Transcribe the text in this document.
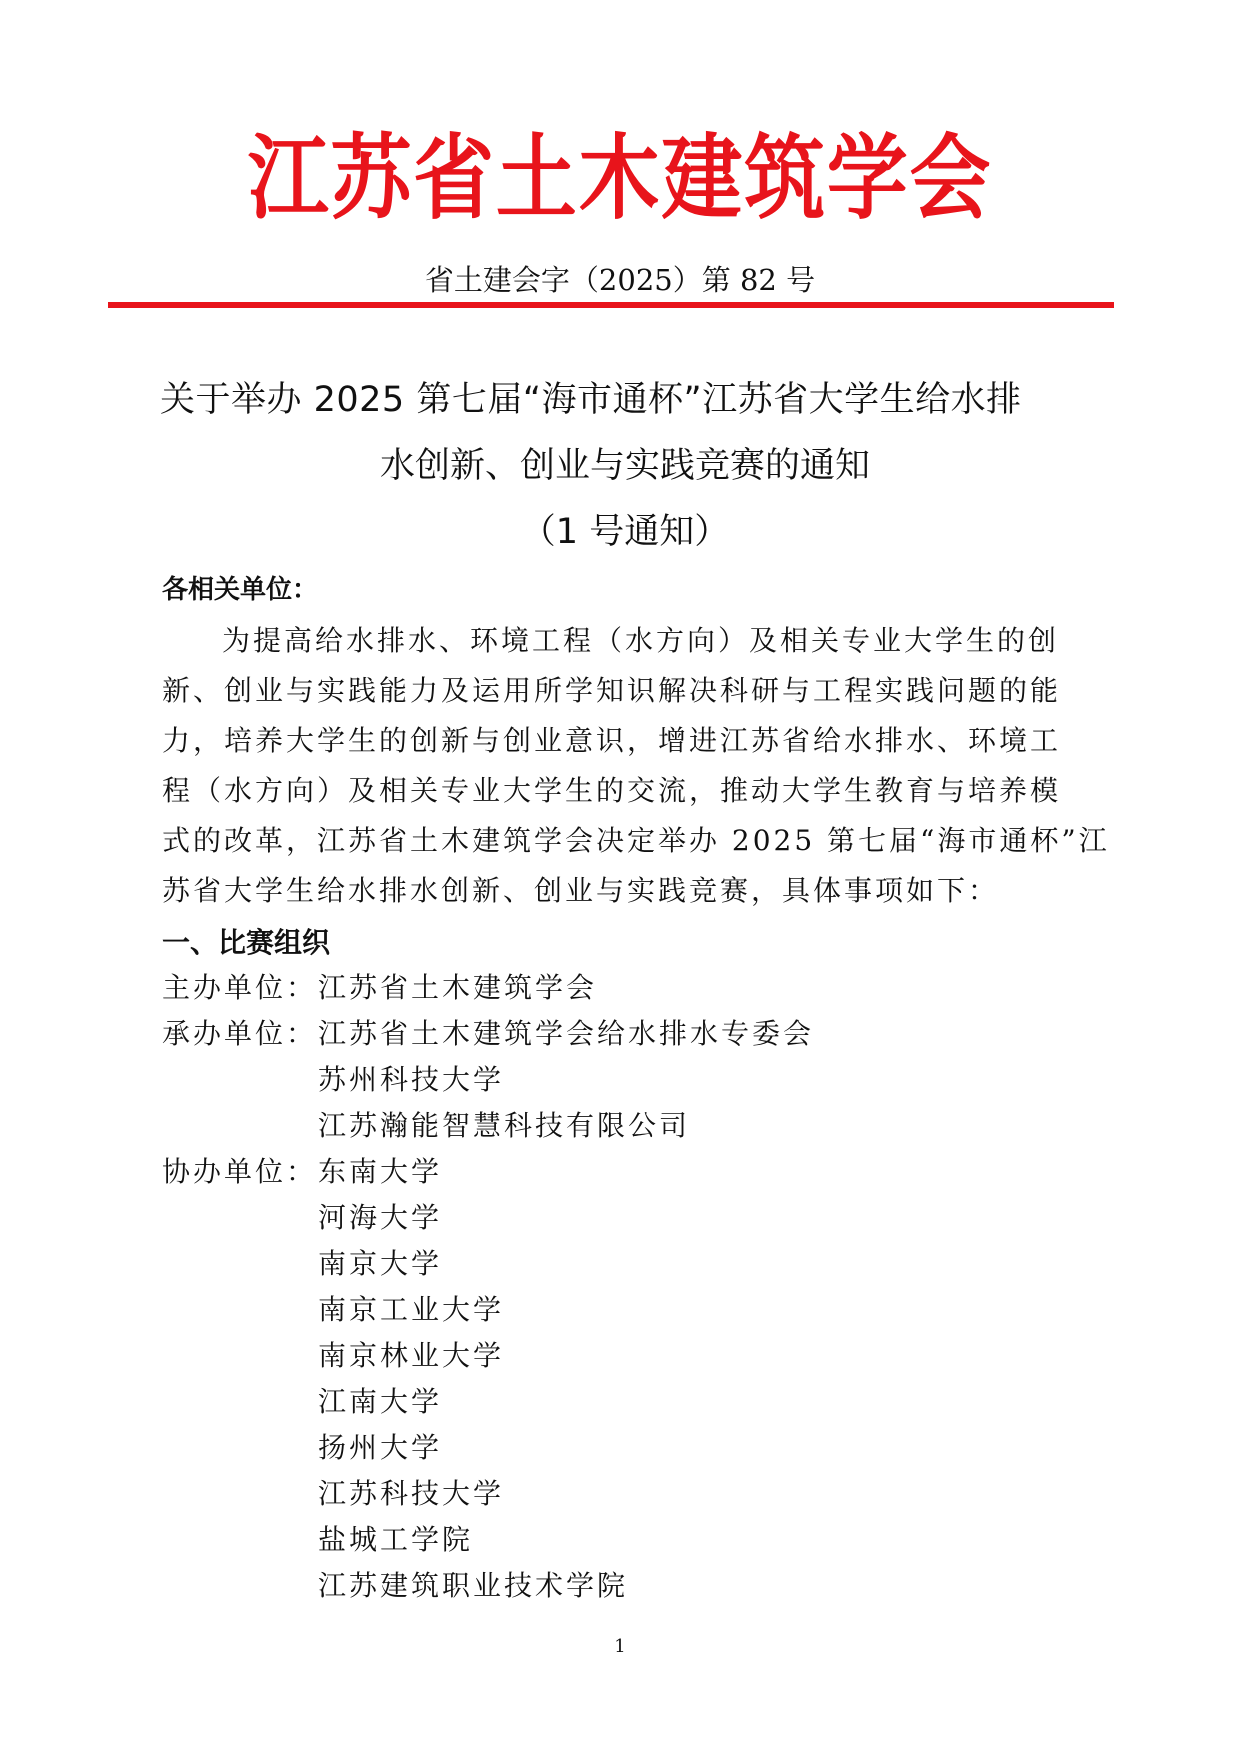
江苏省土木建筑学会
省土建会字（2025）第 82 号
关于举办 2025 第七届“海市通杯”江苏省大学生给水排
水创新、创业与实践竞赛的通知
（1 号通知）
各相关单位：
为提高给水排水、环境工程（水方向）及相关专业大学生的创
新、创业与实践能力及运用所学知识解决科研与工程实践问题的能
力，培养大学生的创新与创业意识，增进江苏省给水排水、环境工
程（水方向）及相关专业大学生的交流，推动大学生教育与培养模
式的改革，江苏省土木建筑学会决定举办 2025 第七届“海市通杯”江
苏省大学生给水排水创新、创业与实践竞赛，具体事项如下：
一、比赛组织
主办单位： 江苏省土木建筑学会
承办单位： 江苏省土木建筑学会给水排水专委会
苏州科技大学
江苏瀚能智慧科技有限公司
协办单位： 东南大学
河海大学
南京大学
南京工业大学
南京林业大学
江南大学
扬州大学
江苏科技大学
盐城工学院
江苏建筑职业技术学院
1
